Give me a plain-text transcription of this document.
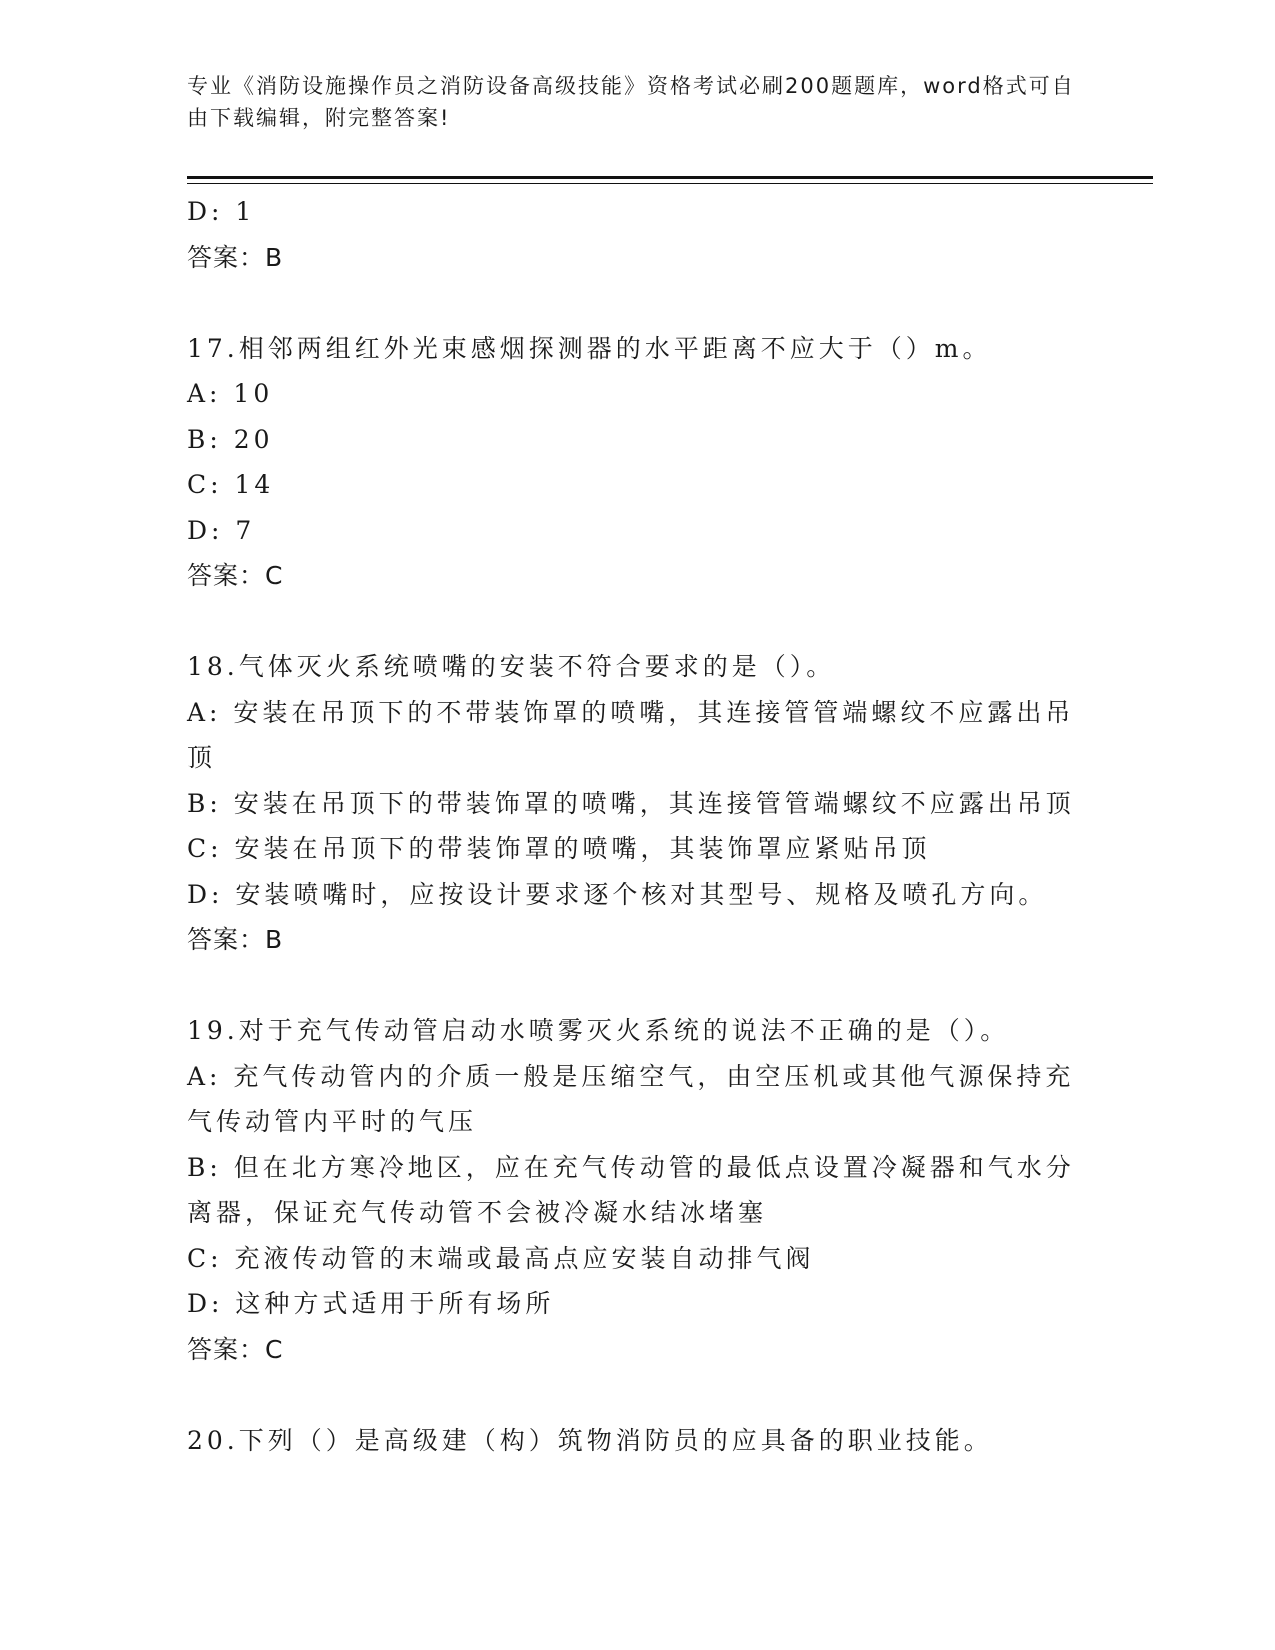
专业《消防设施操作员之消防设备高级技能》资格考试必刷200题题库，word格式可自由下载编辑，附完整答案!
D: 1
答案：B
17.相邻两组红外光束感烟探测器的水平距离不应大于（）m。
A: 10
B: 20
C: 14
D: 7
答案：C
18.气体灭火系统喷嘴的安装不符合要求的是（）。
A: 安装在吊顶下的不带装饰罩的喷嘴，其连接管管端螺纹不应露出吊顶
B: 安装在吊顶下的带装饰罩的喷嘴，其连接管管端螺纹不应露出吊顶
C: 安装在吊顶下的带装饰罩的喷嘴，其装饰罩应紧贴吊顶
D: 安装喷嘴时，应按设计要求逐个核对其型号、规格及喷孔方向。
答案：B
19.对于充气传动管启动水喷雾灭火系统的说法不正确的是（）。
A: 充气传动管内的介质一般是压缩空气，由空压机或其他气源保持充气传动管内平时的气压
B: 但在北方寒冷地区，应在充气传动管的最低点设置冷凝器和气水分离器，保证充气传动管不会被冷凝水结冰堵塞
C: 充液传动管的末端或最高点应安装自动排气阀
D: 这种方式适用于所有场所
答案：C
20.下列（）是高级建（构）筑物消防员的应具备的职业技能。
